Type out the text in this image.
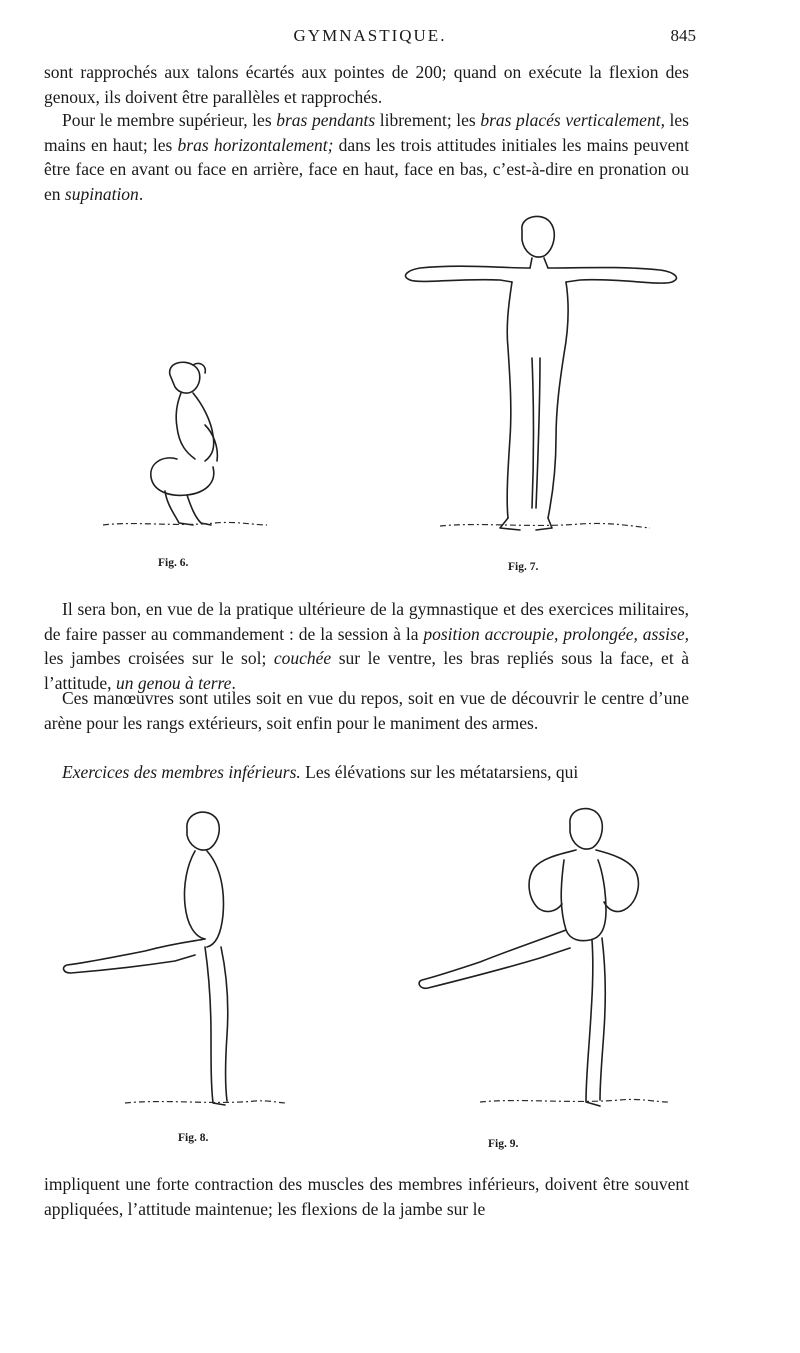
GYMNASTIQUE.	845

sont rapprochés aux talons écartés aux pointes de 200; quand on exécute la flexion des genoux, ils doivent être parallèles et rapprochés.

Pour le membre supérieur, les bras pendants librement; les bras placés verticalement, les mains en haut; les bras horizontalement; dans les trois attitudes initiales les mains peuvent être face en avant ou face en arrière, face en haut, face en bas, c’est-à-dire en pronation ou en supination.

Fig. 6.	Fig. 7.

Il sera bon, en vue de la pratique ultérieure de la gymnastique et des exercices militaires, de faire passer au commandement : de la session à la position accroupie, prolongée, assise, les jambes croisées sur le sol; couchée sur le ventre, les bras repliés sous la face, et à l’attitude, un genou à terre.

Ces manœuvres sont utiles soit en vue du repos, soit en vue de découvrir le centre d’une arène pour les rangs extérieurs, soit enfin pour le maniment des armes.

Exercices des membres inférieurs. Les élévations sur les métatarsiens, qui

Fig. 8.	Fig. 9.

impliquent une forte contraction des muscles des membres inférieurs, doivent être souvent appliquées, l’attitude maintenue; les flexions de la jambe sur le
